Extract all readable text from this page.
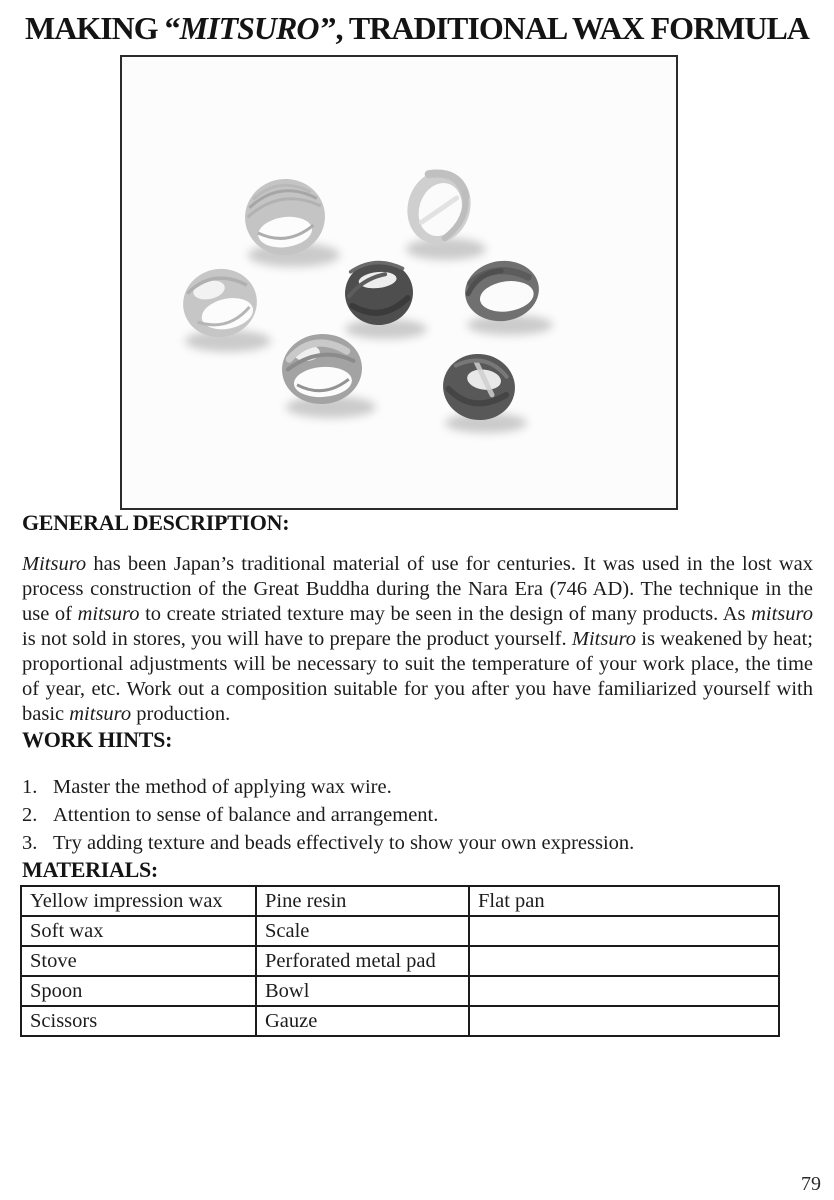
MAKING “MITSURO”, TRADITIONAL WAX FORMULA
GENERAL DESCRIPTION:

Mitsuro has been Japan’s traditional material of use for centuries. It was used in the lost wax process construction of the Great Buddha during the Nara Era (746 AD). The technique in the use of mitsuro to create striated texture may be seen in the design of many products. As mitsuro is not sold in stores, you will have to prepare the product yourself. Mitsuro is weakened by heat; proportional adjustments will be necessary to suit the temperature of your work place, the time of year, etc. Work out a composition suitable for you after you have familiarized yourself with basic mitsuro production.

WORK HINTS:
1. Master the method of applying wax wire.
2. Attention to sense of balance and arrangement.
3. Try adding texture and beads effectively to show your own expression.
MATERIALS:
Yellow impression wax	Pine resin	Flat pan
Soft wax	Scale	
Stove	Perforated metal pad	
Spoon	Bowl	
Scissors	Gauze	
79
